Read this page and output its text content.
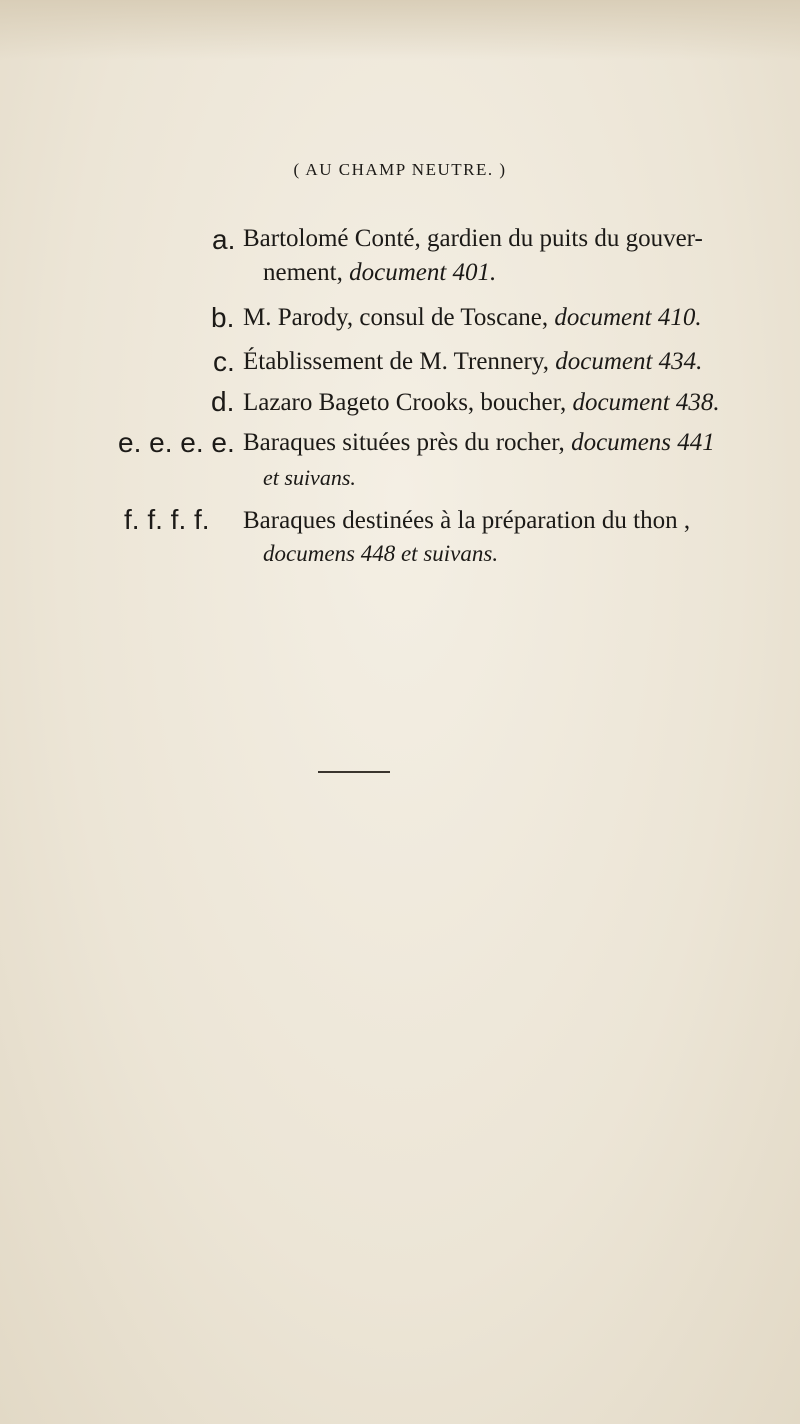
( AU CHAMP NEUTRE. )
a. Bartolomé Conté, gardien du puits du gouver-
nement, document 401.
b. M. Parody, consul de Toscane, document 410.
c. Établissement de M. Trennery, document 434.
d. Lazaro Bageto Crooks, boucher, document 438.
e. e. e. e. Baraques situées près du rocher, documens 441
et suivans.
f. f. f. f. Baraques destinées à la préparation du thon ,
documens 448 et suivans.
